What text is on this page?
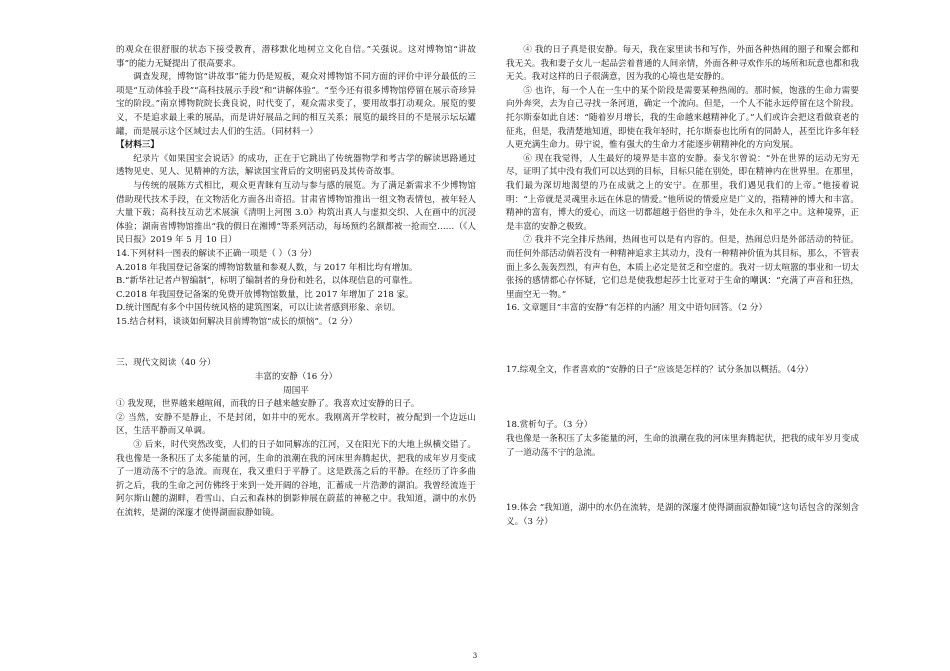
的观众在很舒服的状态下接受教育，潜移默化地树立文化自信。”关强说。这对博物馆“讲故事”的能力无疑提出了很高要求。

调查发现，博物馆“讲故事”能力仍是短板，观众对博物馆不同方面的评价中评分最低的三项是“互动体验手段”“高科技展示手段”和“讲解体验”。“至今还有很多博物馆停留在展示奇珍异宝的阶段。”南京博物院院长龚良说，时代变了，观众需求变了，要用故事打动观众。展览的要义，不是追求最上乘的展品，而是讲好展品之间的相互关系；展览的最终目的不是展示坛坛罐罐，而是展示这个区域过去人们的生活。（同材料一）

【材料三】

纪录片《如果国宝会说话》的成功，正在于它跳出了传统器物学和考古学的解读思路通过透物见史、见人、见精神的方法，解读国宝背后的文明密码及其传奇故事。

与传统的展陈方式相比，观众更青睐有互动与参与感的展览。为了满足新需求不少博物馆借助现代技术手段，在文物活化方面各出奇招。甘肃省博物馆推出一组文物表情包，被年轻人大量下载；高科技互动艺术展演《清明上河图 3.0》构筑出真人与虚拟交织、人在画中的沉浸体验；湖南省博物馆推出“我的假日在湘博”等系列活动，每场预约名额都被一抢而空……（《人民日报》2019 年 5 月 10 日）

14.下列材料一图表的解读不正确一项是（ ）（3 分）

A.2018 年我国登记备案的博物馆数量和参观人数，与 2017 年相比均有增加。

B.“新华社记者卢智编制”，标明了编制者的身份和姓名，以体现信息的可靠性。

C.2018 年我国登记备案的免费开放博物馆数量，比 2017 年增加了 218 家。

D.统计图配有多个中国传统风格的建筑图案，可以让读者感到形象、亲切。

15.结合材料，谈谈如何解决目前博物馆“成长的烦恼”。（2 分）

三、现代文阅读（40 分）

丰富的安静（16 分）

周国平

① 我发现，世界越来越喧闹，而我的日子越来越安静了。我喜欢过安静的日子。

② 当然，安静不是静止，不是封闭，如井中的死水。我刚离开学校时，被分配到一个边远山区，生活平静而又单调。

③ 后来，时代突然改变，人们的日子如同解冻的江河，又在阳光下的大地上纵横交错了。我也像是一条积压了太多能量的河，生命的浪潮在我的河床里奔腾起伏，把我的成年岁月变成了一道动荡不宁的急流。而现在，我又重归于平静了。这是跌荡之后的平静。在经历了许多曲折之后，我的生命之河仿佛终于来到一处开阔的谷地，汇蓄成一片浩渺的湖泊。我曾经流连于阿尔斯山麓的湖畔，看雪山、白云和森林的倒影伸展在蔚蓝的神秘之中。我知道，湖中的水仍在流转，是湖的深邃才使得湖面寂静如镜。

④ 我的日子真是很安静。每天，我在家里读书和写作，外面各种热闹的圈子和聚会都和我无关。我和妻子女儿一起品尝着普通的人间亲情，外面各种寻欢作乐的场所和玩意也都和我无关。我对这样的日子很满意，因为我的心境也是安静的。

⑤ 也许，每一个人在一生中的某个阶段是需要某种热闹的。那时候，饱涨的生命力需要向外奔突，去为自己寻找一条河道，确定一个流向。但是，一个人不能永远停留在这个阶段。托尔斯泰如此自述：“随着岁月增长，我的生命越来越精神化了。”人们或许会把这看做衰老的征兆，但是，我清楚地知道，即使在我年轻时，托尔斯泰也比所有的同龄人，甚至比许多年轻人更充满生命力。毋宁说，惟有强大的生命力才能逐步朝精神化的方向发展。

⑥ 现在我觉得，人生最好的境界是丰富的安静。泰戈尔曾说：“外在世界的运动无穷无尽，证明了其中没有我们可以达到的目标，目标只能在别处，即在精神内在世界里。在那里，我们最为深切地渴望的乃在成就之上的安宁。在那里，我们遇见我们的上帝。”他接着说明：“上帝就是灵魂里永远在休息的情爱。”他所说的情爱应是广义的，指精神的博大和丰富。精神的富有，博大的爱心，而这一切都超越于俗世的争斗，处在永久和平之中。这种境界，正是丰富的安静之极致。

⑦ 我并不完全排斥热闹，热闹也可以是有内容的。但是，热闹总归是外部活动的特征。而任何外部活动倘若没有一种精神追求主其动力，没有一种精神价值为其目标，那么，不管表面上多么轰轰烈烈，有声有色，本质上必定是贫乏和空虚的。我对一切太喧嚣的事业和一切太张扬的感情都心存怀疑，它们总是使我想起莎士比亚对于生命的嘲讽：“充满了声音和狂热，里面空无一物。”

16. 文章题目“丰富的安静”有怎样的内涵？用文中语句回答。（2 分）

17.综观全文，作者喜欢的“安静的日子”应该是怎样的？试分条加以概括。（4分）

18.赏析句子。（3 分）

我也像是一条积压了太多能量的河，生命的浪潮在我的河床里奔腾起伏，把我的成年岁月变成了一道动荡不宁的急流。

19.体会 “我知道，湖中的水仍在流转，是湖的深邃才使得湖面寂静如镜”这句话包含的深刻含义。（3 分）

3
